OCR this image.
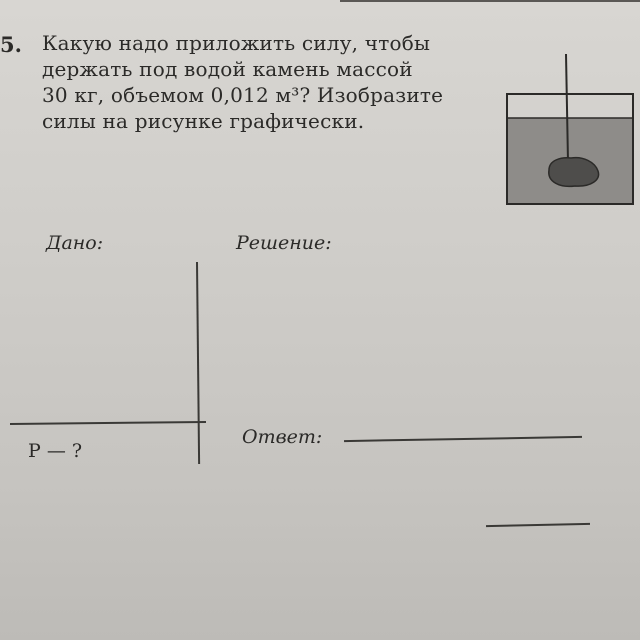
5. Какую надо приложить силу, чтобы
держать под водой камень массой
30 кг, объемом 0,012 м³? Изобразите
силы на рисунке графически.
Дано:	Решение:
P — ?
Ответ:
